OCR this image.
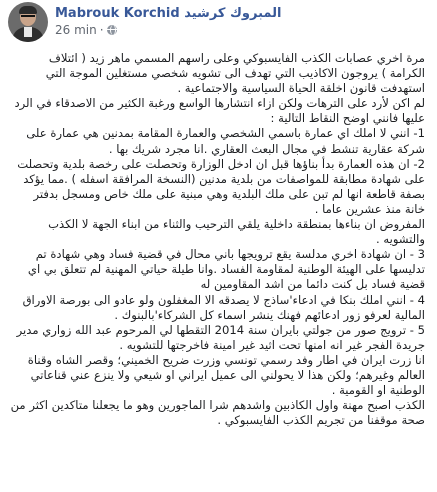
Mabrouk Korchid المبروك كرشيد
26 min ·

مرة اخري عصابات الكذب الفايسبوكي وعلى راسهم المسمي ماهر زيد ( ائتلاف الكرامة ) يروجون الاكاذيب التي تهدف الى تشويه شخصي مستغلين الموجة التي استهدفت قانون اخلقة الحياة السياسية والاجتماعية .

لم اكن لأرد على الترهات ولكن ازاء انتشارها الواسع ورغبة الكثير من الاصدقاء في الرد عليها فانني اوضح النقاط التالية :

1- انني لا املك اي عمارة باسمي الشخصي والعمارة المقامة بمدنين هي عمارة على شركة عقارية تنشط في مجال البعث العقاري .انا مجرد شريك بها .

2- ان هذه العمارة بدأ بناؤها قبل ان ادخل الوزارة وتحصلت على رخصة بلدية وتحصلت على شهادة مطابقة للمواصفات من بلدية مدنين (النسخة المرافقة اسفله ) .مما يؤكد بصفة قاطعة انها لم تبن على ملك البلدية وهي مبنية على ملك خاص ومسجل بدفتر خانة منذ عشرين عاما .

المفروض ان بناءها بمنطقة داخلية يلقي الترحيب والثناء من ابناء الجهة لا الكذب والتشويه .

3 - ان شهادة اخري مدلسة يقع ترويجها باني محال في قضية فساد وهي شهادة تم تدليسها على الهيئة الوطنية لمقاومة الفساد .وانا طيلة حياتي المهنية لم تتعلق بي اي قضية فساد بل كنت دائما من اشد المقاومين له

4 - انني املك بنكا في ادعاء'ساذج لا يصدقه الا المغفلون ولو عادو الى بورصة الاوراق المالية لعرفو زور ادعائهم فهنك ينشر اسماء كل الشركاء'بالبنوك .

5 - ترويج صور من جولتي بايران سنة 2014 التقطها لي المرحوم عبد الله زواري مدير جريدة الفجر غير انه امنها تحت اثيد غير امينة فاخرجتها للتشويه .

انا زرت ايران في اطار وفد رسمي تونسي وزرت ضريح الخميني؛ وقصر الشاه وقناة العالم وغيرهم؛ ولكن هذا لا يحولني الى عميل ايراني او شيعي ولا ينزع عني قناعاتي الوطنية او القومية .

الكذب اصبح مهنة واول الكاذبين واشدهم شرا الماجورين وهو ما يجعلنا متاكدين اكثر من صحة موقفنا من تجريم الكذب الفايسبوكي .
